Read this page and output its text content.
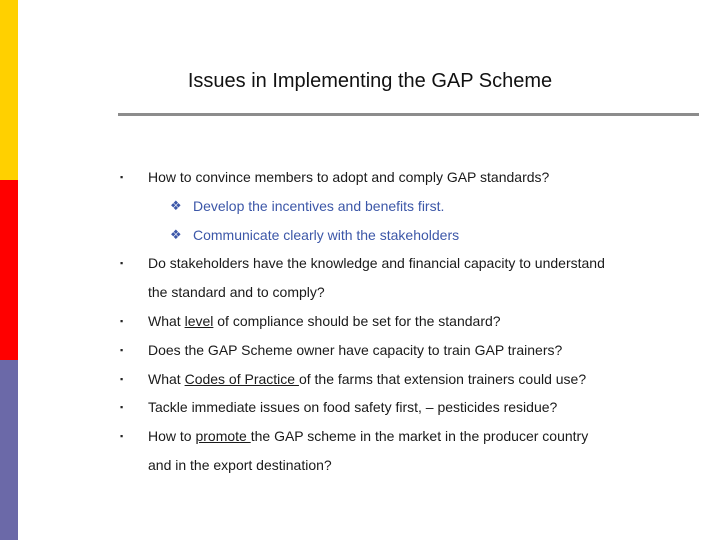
Issues in Implementing the GAP Scheme
▪	How to convince members to adopt and comply GAP standards?
❖ Develop the incentives and benefits first.
❖ Communicate clearly with the stakeholders
▪	Do stakeholders have the knowledge and financial capacity to understand
the standard and to comply?
▪	What level of compliance should be set for the standard?
▪	Does the GAP Scheme owner have capacity to train GAP trainers?
▪	What Codes of Practice of the farms that extension trainers could use?
▪	Tackle immediate issues on food safety first, – pesticides residue?
▪	How to promote the GAP scheme in the market in the producer country
and in the export destination?
